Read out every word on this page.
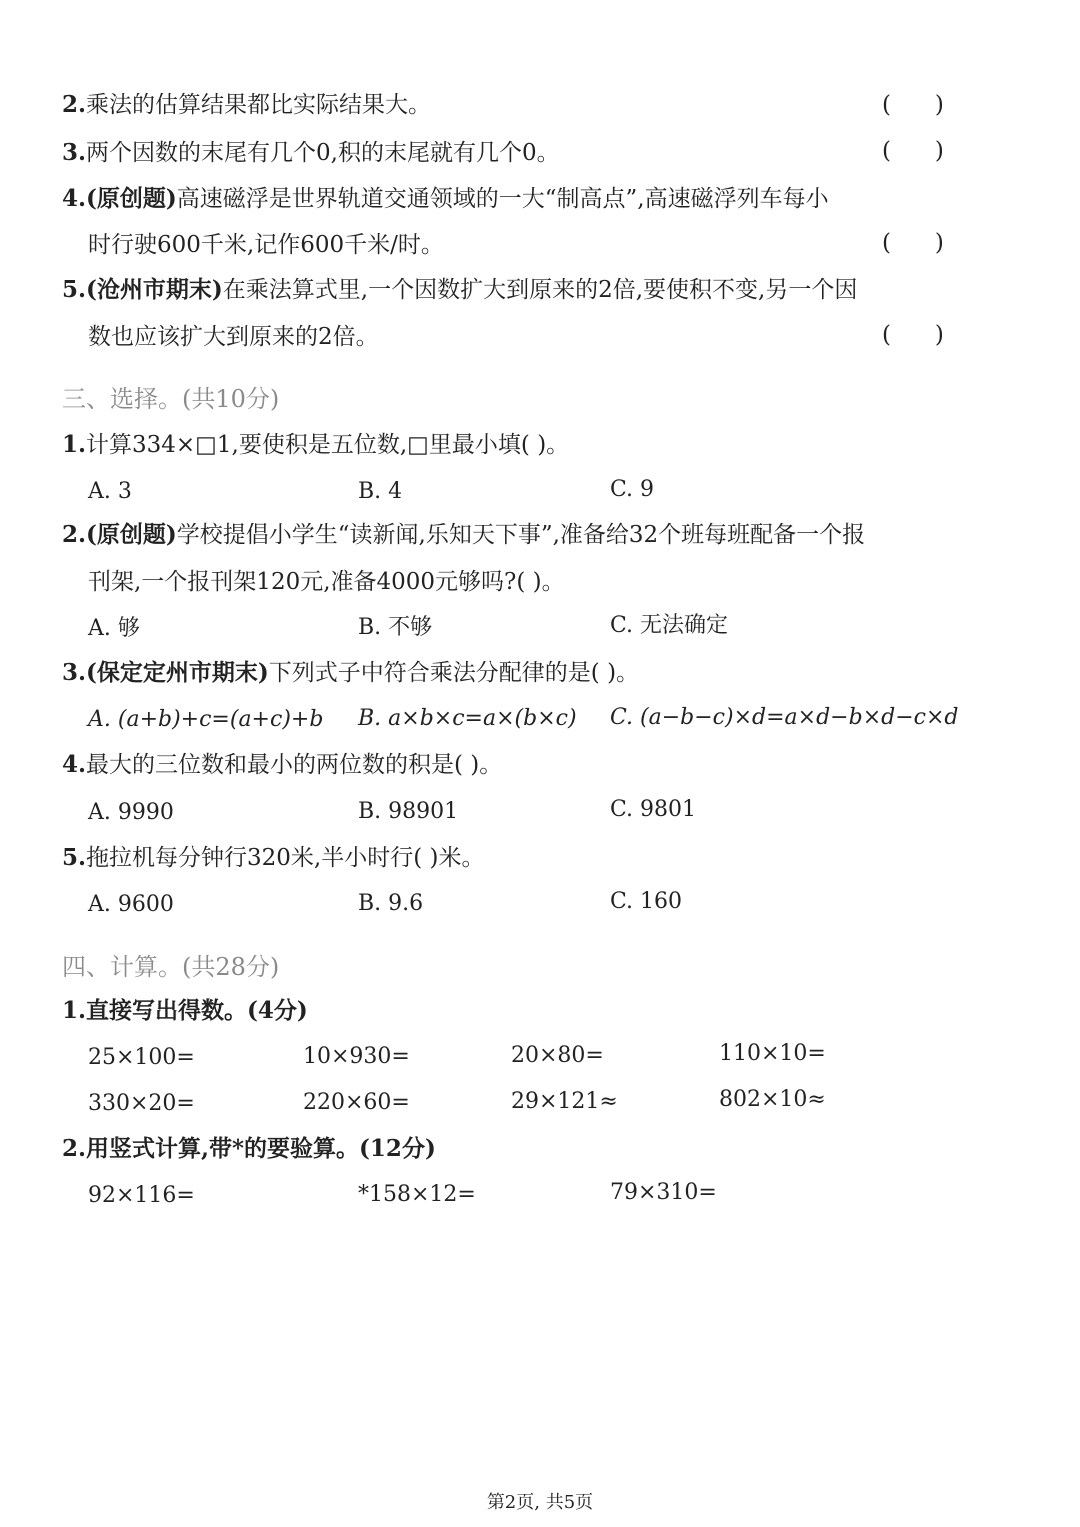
2.乘法的估算结果都比实际结果大。	(      )
3.两个因数的末尾有几个0,积的末尾就有几个0。	(      )
4.(原创题)高速磁浮是世界轨道交通领域的一大“制高点”,高速磁浮列车每小
时行驶600千米,记作600千米/时。	(      )
5.(沧州市期末)在乘法算式里,一个因数扩大到原来的2倍,要使积不变,另一个因
数也应该扩大到原来的2倍。	(      )
三、选择。(共10分)
1.计算334×□1,要使积是五位数,□里最小填( )。
A. 3	B. 4	C. 9
2.(原创题)学校提倡小学生“读新闻,乐知天下事”,准备给32个班每班配备一个报
刊架,一个报刊架120元,准备4000元够吗?( )。
A. 够	B. 不够	C. 无法确定
3.(保定定州市期末)下列式子中符合乘法分配律的是( )。
A. (a+b)+c=(a+c)+b B. a×b×c=a×(b×c) C. (a−b−c)×d=a×d−b×d−c×d
4.最大的三位数和最小的两位数的积是( )。
A. 9990	B. 98901	C. 9801
5.拖拉机每分钟行320米,半小时行( )米。
A. 9600	B. 9.6	C. 160
四、计算。(共28分)
1.直接写出得数。(4分)
25×100=	10×930=	20×80=	110×10=
330×20=	220×60=	29×121≈	802×10≈
2.用竖式计算,带*的要验算。(12分)
92×116=	*158×12=	79×310=
第2页, 共5页
